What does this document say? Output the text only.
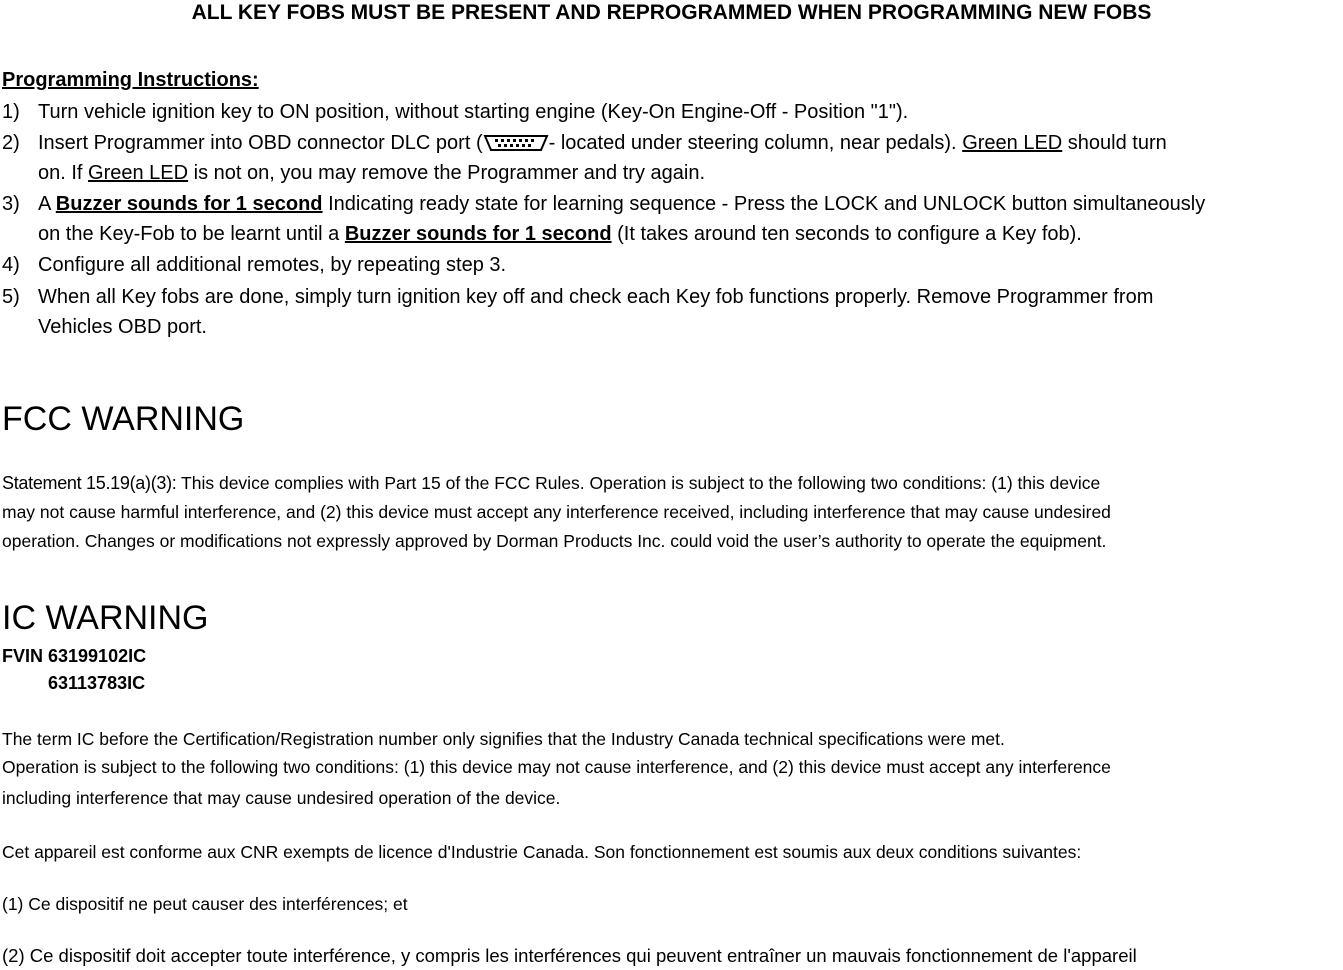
ALL KEY FOBS MUST BE PRESENT AND REPROGRAMMED WHEN PROGRAMMING NEW FOBS
Programming Instructions:
1) Turn vehicle ignition key to ON position, without starting engine (Key-On Engine-Off - Position "1").
2) Insert Programmer into OBD connector DLC port (	- located under steering column, near pedals). Green LED should turn
on. If Green LED is not on, you may remove the Programmer and try again.
3) A Buzzer sounds for 1 second Indicating ready state for learning sequence - Press the LOCK and UNLOCK button simultaneously
on the Key-Fob to be learnt until a Buzzer sounds for 1 second (It takes around ten seconds to configure a Key fob).
4) Configure all additional remotes, by repeating step 3.
5) When all Key fobs are done, simply turn ignition key off and check each Key fob functions properly. Remove Programmer from
Vehicles OBD port.
FCC WARNING
Statement 15.19(a)(3): This device complies with Part 15 of the FCC Rules. Operation is subject to the following two conditions: (1) this device
may not cause harmful interference, and (2) this device must accept any interference received, including interference that may cause undesired
operation. Changes or modifications not expressly approved by Dorman Products Inc. could void the user’s authority to operate the equipment.
IC WARNING
FVIN 63199102IC
63113783IC
The term IC before the Certification/Registration number only signifies that the Industry Canada technical specifications were met.
Operation is subject to the following two conditions: (1) this device may not cause interference, and (2) this device must accept any interference
including interference that may cause undesired operation of the device.
Cet appareil est conforme aux CNR exempts de licence d'Industrie Canada. Son fonctionnement est soumis aux deux conditions suivantes:
(1) Ce dispositif ne peut causer des interférences; et
(2) Ce dispositif doit accepter toute interférence, y compris les interférences qui peuvent entraîner un mauvais fonctionnement de l'appareil
